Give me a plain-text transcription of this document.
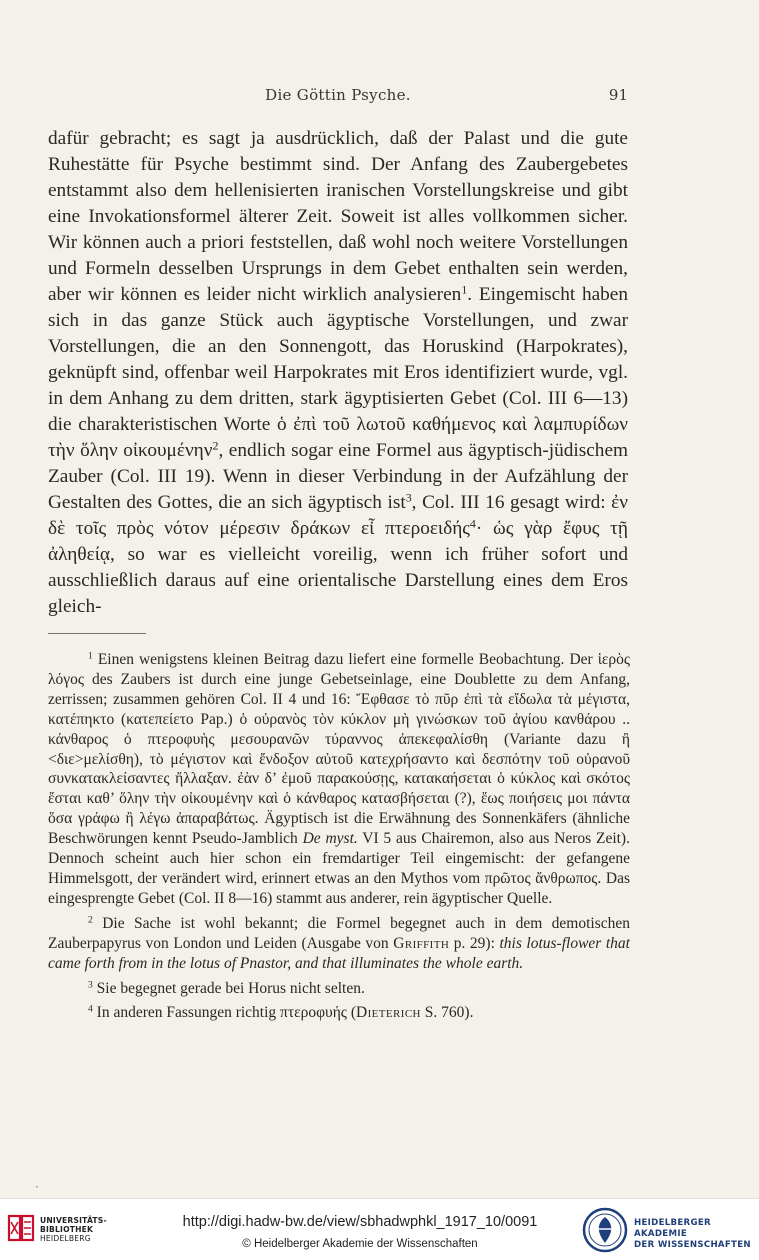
Die Göttin Psyche.	91

dafür gebracht; es sagt ja ausdrücklich, daß der Palast und die gute Ruhestätte für Psyche bestimmt sind. Der Anfang des Zaubergebetes entstammt also dem hellenisierten iranischen Vorstellungskreise und gibt eine Invokationsformel älterer Zeit. Soweit ist alles vollkommen sicher. Wir können auch a priori feststellen, daß wohl noch weitere Vorstellungen und Formeln desselben Ursprungs in dem Gebet enthalten sein werden, aber wir können es leider nicht wirklich analysieren$^1$. Eingemischt haben sich in das ganze Stück auch ägyptische Vorstellungen, und zwar Vorstellungen, die an den Sonnengott, das Horuskind (Harpokrates), geknüpft sind, offenbar weil Harpokrates mit Eros identifiziert wurde, vgl. in dem Anhang zu dem dritten, stark ägyptisierten Gebet (Col. III 6—13) die charakteristischen Worte ὁ ἐπὶ τοῦ λωτοῦ καθήμενος καὶ λαμπυρίδων τὴν ὅλην οἰκουμένην$^2$, endlich sogar eine Formel aus ägyptisch-jüdischem Zauber (Col. III 19). Wenn in dieser Verbindung in der Aufzählung der Gestalten des Gottes, die an sich ägyptisch ist$^3$, Col. III 16 gesagt wird: ἐν δὲ τοῖς πρὸς νότον μέρεσιν δράκων εἶ πτεροειδής$^4$· ὡς γὰρ ἔφυς τῇ ἀληθείᾳ, so war es vielleicht voreilig, wenn ich früher sofort und ausschließlich daraus auf eine orientalische Darstellung eines dem Eros gleich-

$^1$ Einen wenigstens kleinen Beitrag dazu liefert eine formelle Beobachtung. Der ἱερὸς λόγος des Zaubers ist durch eine junge Gebetseinlage, eine Doublette zu dem Anfang, zerrissen; zusammen gehören Col. II 4 und 16: Ἔφθασε τὸ πῦρ ἐπὶ τὰ εἴδωλα τὰ μέγιστα, κατέπηκτο (κατεπείετο Pap.) ὁ οὐρανὸς τὸν κύκλον μὴ γινώσκων τοῦ ἁγίου κανθάρου .. κάνθαρος ὁ πτεροφυὴς μεσουρανῶν τύραννος ἀπεκεφαλίσθη (Variante dazu ἢ <διε>μελίσθη), τὸ μέγιστον καὶ ἔνδοξον αὐτοῦ κατεχρήσαντο καὶ δεσπότην τοῦ οὐρανοῦ συνκατακλείσαντες ἤλλαξαν. ἐὰν δ’ ἐμοῦ παρακούσῃς, κατακαήσεται ὁ κύκλος καὶ σκότος ἔσται καθ’ ὅλην τὴν οἰκουμένην καὶ ὁ κάνθαρος κατασβήσεται (?), ἕως ποιήσεις μοι πάντα ὅσα γράφω ἢ λέγω ἀπαραβάτως. Ägyptisch ist die Erwähnung des Sonnenkäfers (ähnliche Beschwörungen kennt Pseudo-Jamblich De myst. VI 5 aus Chairemon, also aus Neros Zeit). Dennoch scheint auch hier schon ein fremdartiger Teil eingemischt: der gefangene Himmelsgott, der verändert wird, erinnert etwas an den Mythos vom πρῶτος ἄνθρωπος. Das eingesprengte Gebet (Col. II 8—16) stammt aus anderer, rein ägyptischer Quelle.

$^2$ Die Sache ist wohl bekannt; die Formel begegnet auch in dem demotischen Zauberpapyrus von London und Leiden (Ausgabe von Griffith p. 29): this lotus-flower that came forth from in the lotus of Pnastor, and that illuminates the whole earth.

$^3$ Sie begegnet gerade bei Horus nicht selten.

$^4$ In anderen Fassungen richtig πτεροφυής (Dieterich S. 760).

·
UNIVERSITÄTS-
BIBLIOTHEK
HEIDELBERG
http://digi.hadw-bw.de/view/sbhadwphkl_1917_10/0091
© Heidelberger Akademie der Wissenschaften
HEIDELBERGER AKADEMIE
DER WISSENSCHAFTEN
